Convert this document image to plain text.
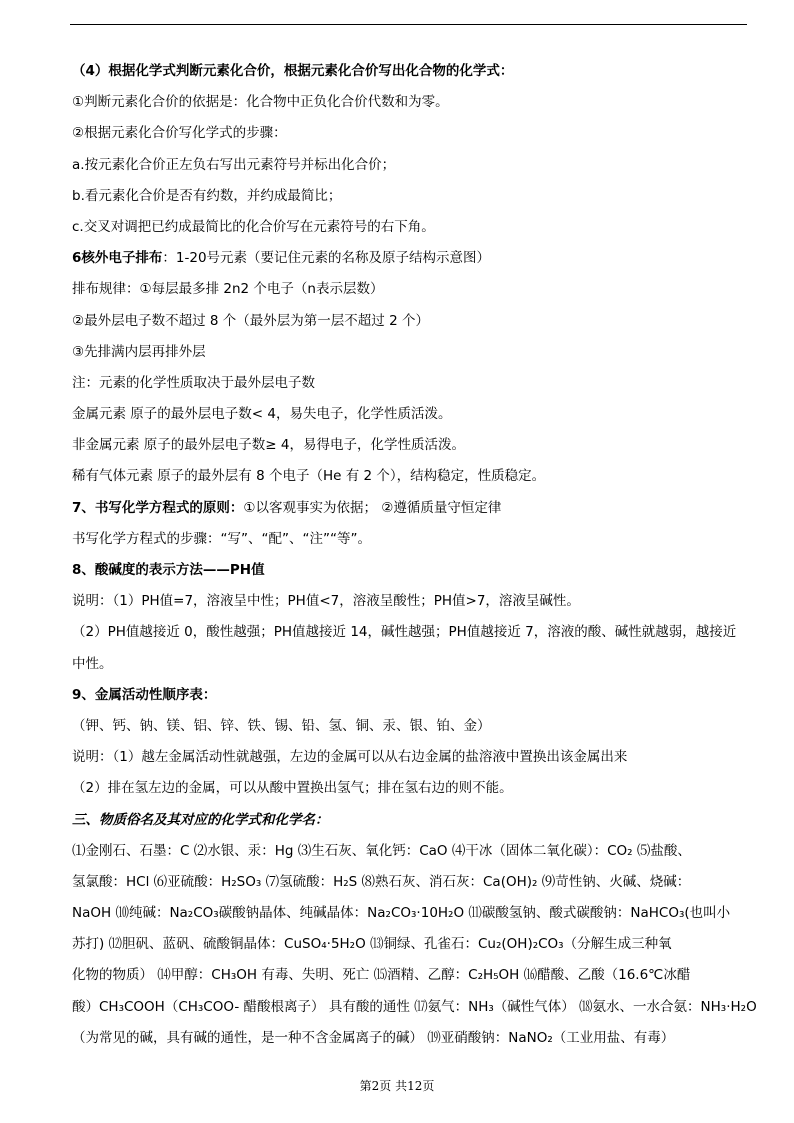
（4）根据化学式判断元素化合价，根据元素化合价写出化合物的化学式：
①判断元素化合价的依据是：化合物中正负化合价代数和为零。
②根据元素化合价写化学式的步骤：
a.按元素化合价正左负右写出元素符号并标出化合价；
b.看元素化合价是否有约数，并约成最简比；
c.交叉对调把已约成最简比的化合价写在元素符号的右下角。
6核外电子排布：1-20号元素（要记住元素的名称及原子结构示意图）
排布规律：①每层最多排 2n2 个电子（n表示层数）
②最外层电子数不超过 8 个（最外层为第一层不超过 2 个）
③先排满内层再排外层
注：元素的化学性质取决于最外层电子数
金属元素 原子的最外层电子数< 4，易失电子，化学性质活泼。
非金属元素 原子的最外层电子数≥ 4，易得电子，化学性质活泼。
稀有气体元素 原子的最外层有 8 个电子（He 有 2 个），结构稳定，性质稳定。
7、书写化学方程式的原则：①以客观事实为依据； ②遵循质量守恒定律
书写化学方程式的步骤：“写”、“配”、“注”“等”。
8、酸碱度的表示方法——PH值
说明：（1）PH值=7，溶液呈中性；PH值<7，溶液呈酸性；PH值>7，溶液呈碱性。
（2）PH值越接近 0，酸性越强；PH值越接近 14，碱性越强；PH值越接近 7，溶液的酸、碱性就越弱，越接近
中性。
9、金属活动性顺序表：
（钾、钙、钠、镁、铝、锌、铁、锡、铅、氢、铜、汞、银、铂、金）
说明：（1）越左金属活动性就越强，左边的金属可以从右边金属的盐溶液中置换出该金属出来
（2）排在氢左边的金属，可以从酸中置换出氢气；排在氢右边的则不能。
三、物质俗名及其对应的化学式和化学名：
⑴金刚石、石墨：C ⑵水银、汞：Hg ⑶生石灰、氧化钙：CaO ⑷干冰（固体二氧化碳）：CO₂ ⑸盐酸、
氢氯酸：HCl ⑹亚硫酸：H₂SO₃ ⑺氢硫酸：H₂S ⑻熟石灰、消石灰：Ca(OH)₂ ⑼苛性钠、火碱、烧碱：
NaOH ⑽纯碱：Na₂CO₃碳酸钠晶体、纯碱晶体：Na₂CO₃·10H₂O ⑾碳酸氢钠、酸式碳酸钠：NaHCO₃(也叫小
苏打) ⑿胆矾、蓝矾、硫酸铜晶体：CuSO₄·5H₂O ⒀铜绿、孔雀石：Cu₂(OH)₂CO₃（分解生成三种氧
化物的物质） ⒁甲醇：CH₃OH 有毒、失明、死亡 ⒂酒精、乙醇：C₂H₅OH ⒃醋酸、乙酸（16.6℃冰醋
酸）CH₃COOH（CH₃COO- 醋酸根离子） 具有酸的通性 ⒄氨气：NH₃（碱性气体） ⒅氨水、一水合氨：NH₃·H₂O
（为常见的碱，具有碱的通性，是一种不含金属离子的碱） ⒆亚硝酸钠：NaNO₂（工业用盐、有毒）
第2页 共12页
